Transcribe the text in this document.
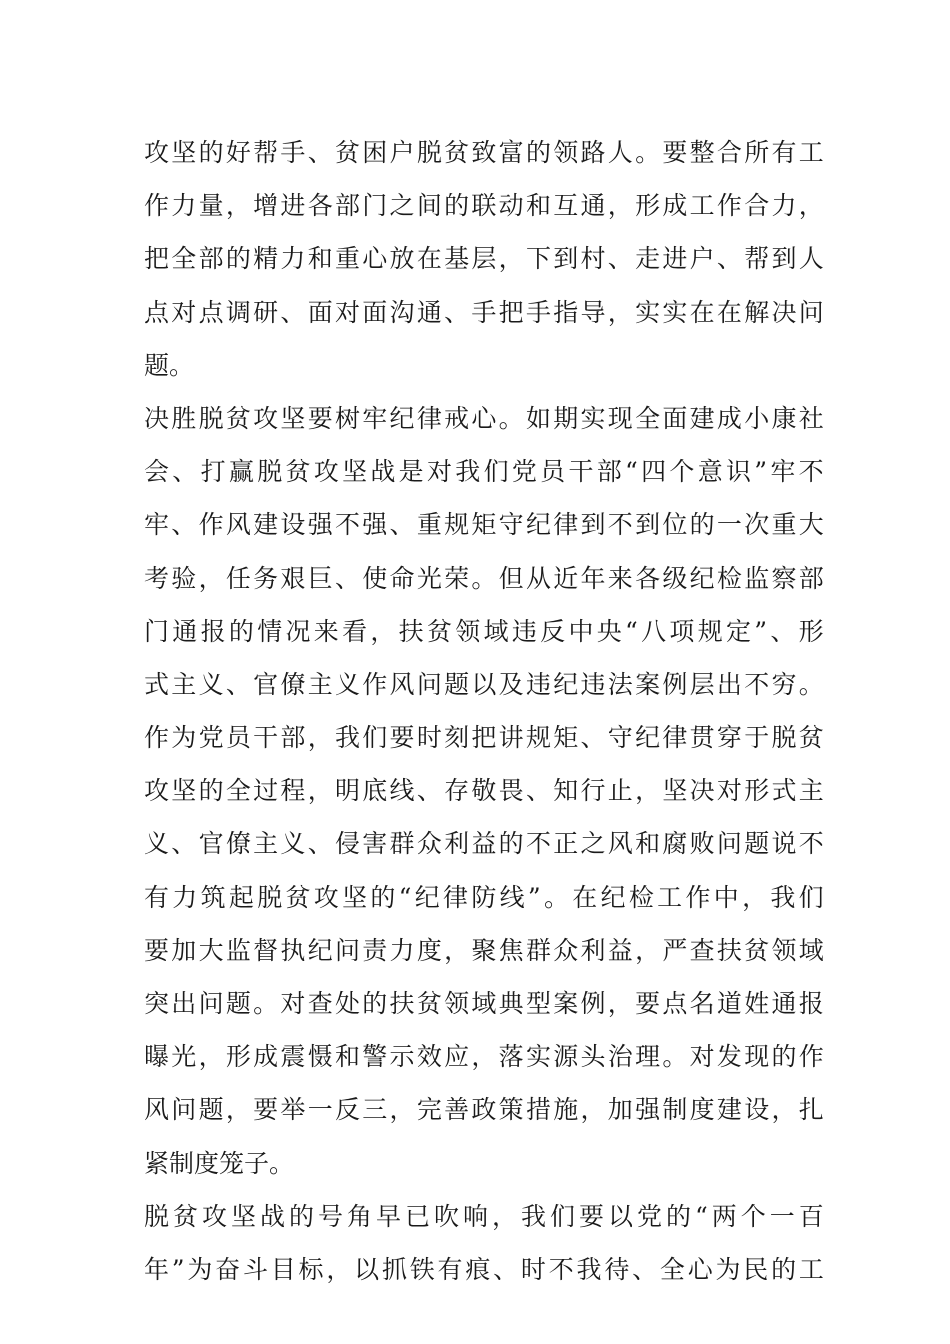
攻 坚 的 好 帮 手 、 贫 困 户 脱 贫 致 富 的 领 路 人 。 要 整 合 所 有 工
作 力 量 ， 增 进 各 部 门 之 间 的 联 动 和 互 通 ， 形 成 工 作 合 力 ，
把 全 部 的 精 力 和 重 心 放 在 基 层 ， 下 到 村 、 走 进 户 、 帮 到 人
点 对 点 调 研 、 面 对 面 沟 通 、 手 把 手 指 导 ， 实 实 在 在 解 决 问
题。
决 胜 脱 贫 攻 坚 要 树 牢 纪 律 戒 心 。 如 期 实 现 全 面 建 成 小 康 社
会 、 打 赢 脱 贫 攻 坚 战 是 对 我 们 党 员 干 部 “ 四 个 意 识 ” 牢 不
牢 、 作 风 建 设 强 不 强 、 重 规 矩 守 纪 律 到 不 到 位 的 一 次 重 大
考 验 ， 任 务 艰 巨 、 使 命 光 荣 。 但 从 近 年 来 各 级 纪 检 监 察 部
门 通 报 的 情 况 来 看 ， 扶 贫 领 域 违 反 中 央 “ 八 项 规 定 ” 、 形
式 主 义 、 官 僚 主 义 作 风 问 题 以 及 违 纪 违 法 案 例 层 出 不 穷 。
作 为 党 员 干 部 ， 我 们 要 时 刻 把 讲 规 矩 、 守 纪 律 贯 穿 于 脱 贫
攻 坚 的 全 过 程 ， 明 底 线 、 存 敬 畏 、 知 行 止 ， 坚 决 对 形 式 主
义 、 官 僚 主 义 、 侵 害 群 众 利 益 的 不 正 之 风 和 腐 败 问 题 说 不
有 力 筑 起 脱 贫 攻 坚 的 “ 纪 律 防 线 ” 。 在 纪 检 工 作 中 ， 我 们
要 加 大 监 督 执 纪 问 责 力 度 ， 聚 焦 群 众 利 益 ， 严 查 扶 贫 领 域
突 出 问 题 。 对 查 处 的 扶 贫 领 域 典 型 案 例 ， 要 点 名 道 姓 通 报
曝 光 ， 形 成 震 慑 和 警 示 效 应 ， 落 实 源 头 治 理 。 对 发 现 的 作
风 问 题 ， 要 举 一 反 三 ， 完 善 政 策 措 施 ， 加 强 制 度 建 设 ， 扎
紧制度笼子。
脱 贫 攻 坚 战 的 号 角 早 已 吹 响 ， 我 们 要 以 党 的 “ 两 个 一 百
年 ” 为 奋 斗 目 标 ， 以 抓 铁 有 痕 、 时 不 我 待 、 全 心 为 民 的 工
